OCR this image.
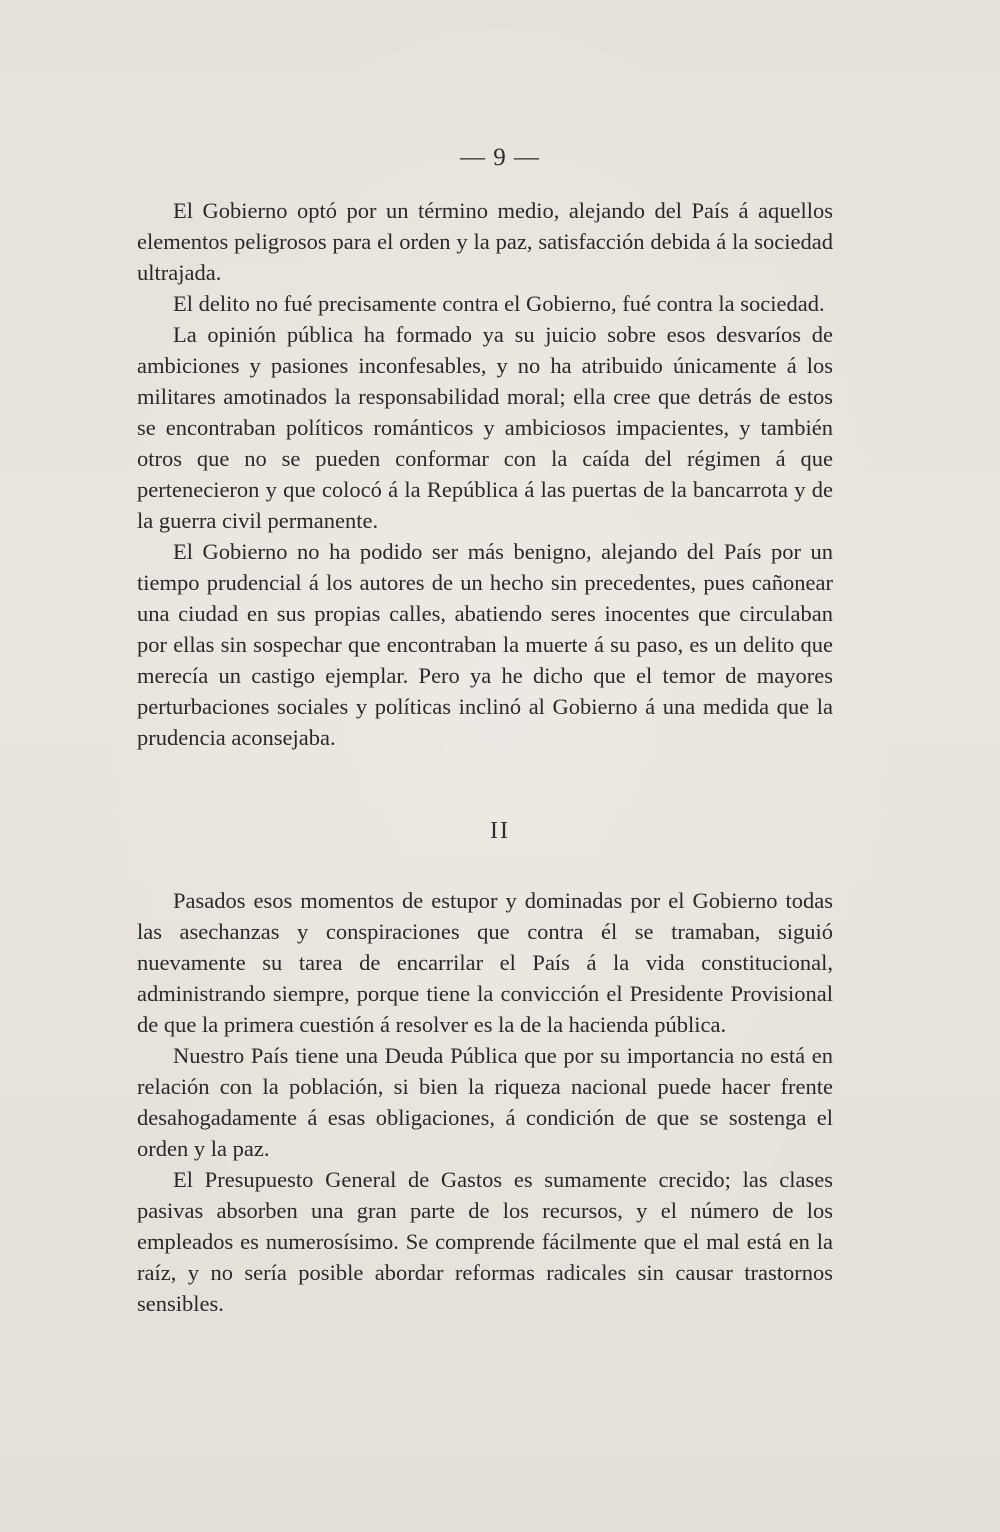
— 9 —

El Gobierno optó por un término medio, alejando del País á aquellos elementos peligrosos para el orden y la paz, satisfacción debida á la sociedad ultrajada.

El delito no fué precisamente contra el Gobierno, fué contra la sociedad.

La opinión pública ha formado ya su juicio sobre esos desvaríos de ambiciones y pasiones inconfesables, y no ha atribuido únicamente á los militares amotinados la responsabilidad moral; ella cree que detrás de estos se encontraban políticos románticos y ambiciosos impacientes, y también otros que no se pueden conformar con la caída del régimen á que pertenecieron y que colocó á la República á las puertas de la bancarrota y de la guerra civil permanente.

El Gobierno no ha podido ser más benigno, alejando del País por un tiempo prudencial á los autores de un hecho sin precedentes, pues cañonear una ciudad en sus propias calles, abatiendo seres inocentes que circulaban por ellas sin sospechar que encontraban la muerte á su paso, es un delito que merecía un castigo ejemplar. Pero ya he dicho que el temor de mayores perturbaciones sociales y políticas inclinó al Gobierno á una medida que la prudencia aconsejaba.

II

Pasados esos momentos de estupor y dominadas por el Gobierno todas las asechanzas y conspiraciones que contra él se tramaban, siguió nuevamente su tarea de encarrilar el País á la vida constitucional, administrando siempre, porque tiene la convicción el Presidente Provisional de que la primera cuestión á resolver es la de la hacienda pública.

Nuestro País tiene una Deuda Pública que por su importancia no está en relación con la población, si bien la riqueza nacional puede hacer frente desahogadamente á esas obligaciones, á condición de que se sostenga el orden y la paz.

El Presupuesto General de Gastos es sumamente crecido; las clases pasivas absorben una gran parte de los recursos, y el número de los empleados es numerosísimo. Se comprende fácilmente que el mal está en la raíz, y no sería posible abordar reformas radicales sin causar trastornos sensibles.
